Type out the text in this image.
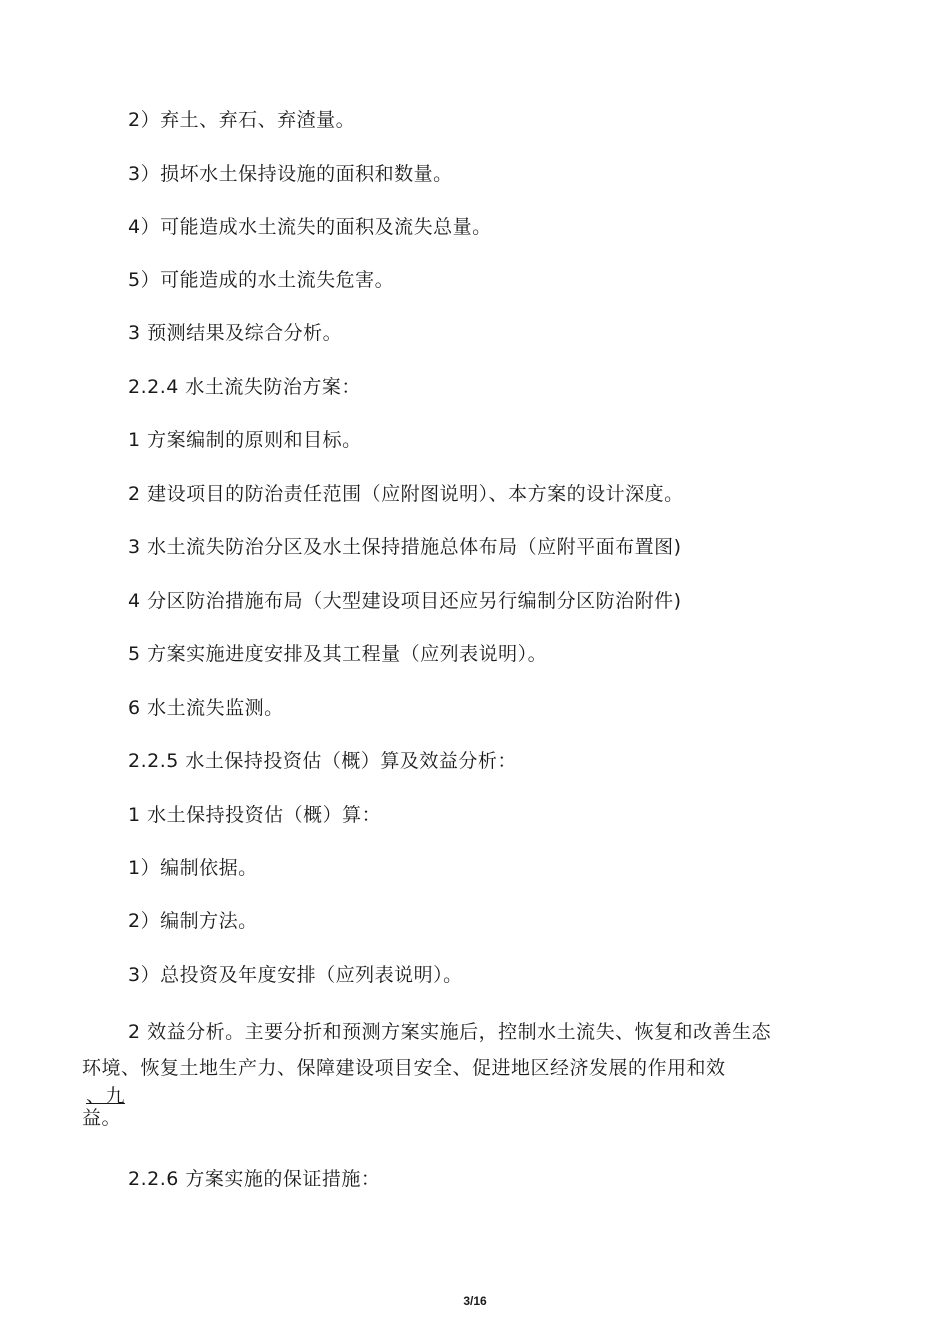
2）弃土、弃石、弃渣量。
3）损坏水土保持设施的面积和数量。
4）可能造成水土流失的面积及流失总量。
5）可能造成的水土流失危害。
3 预测结果及综合分析。
2.2.4 水土流失防治方案：
1 方案编制的原则和目标。
2 建设项目的防治责任范围（应附图说明）、本方案的设计深度。
3 水土流失防治分区及水土保持措施总体布局（应附平面布置图)
4 分区防治措施布局（大型建设项目还应另行编制分区防治附件)
5 方案实施进度安排及其工程量（应列表说明）。
6 水土流失监测。
2.2.5 水土保持投资估（概）算及效益分析：
1 水土保持投资估（概）算：
1）编制依据。
2）编制方法。
3）总投资及年度安排（应列表说明）。
2 效益分析。主要分折和预测方案实施后，控制水土流失、恢复和改善生态
环境、恢复土地生产力、保障建设项目安全、促进地区经济发展的作用和效
、九
益。
2.2.6 方案实施的保证措施：
3/16
